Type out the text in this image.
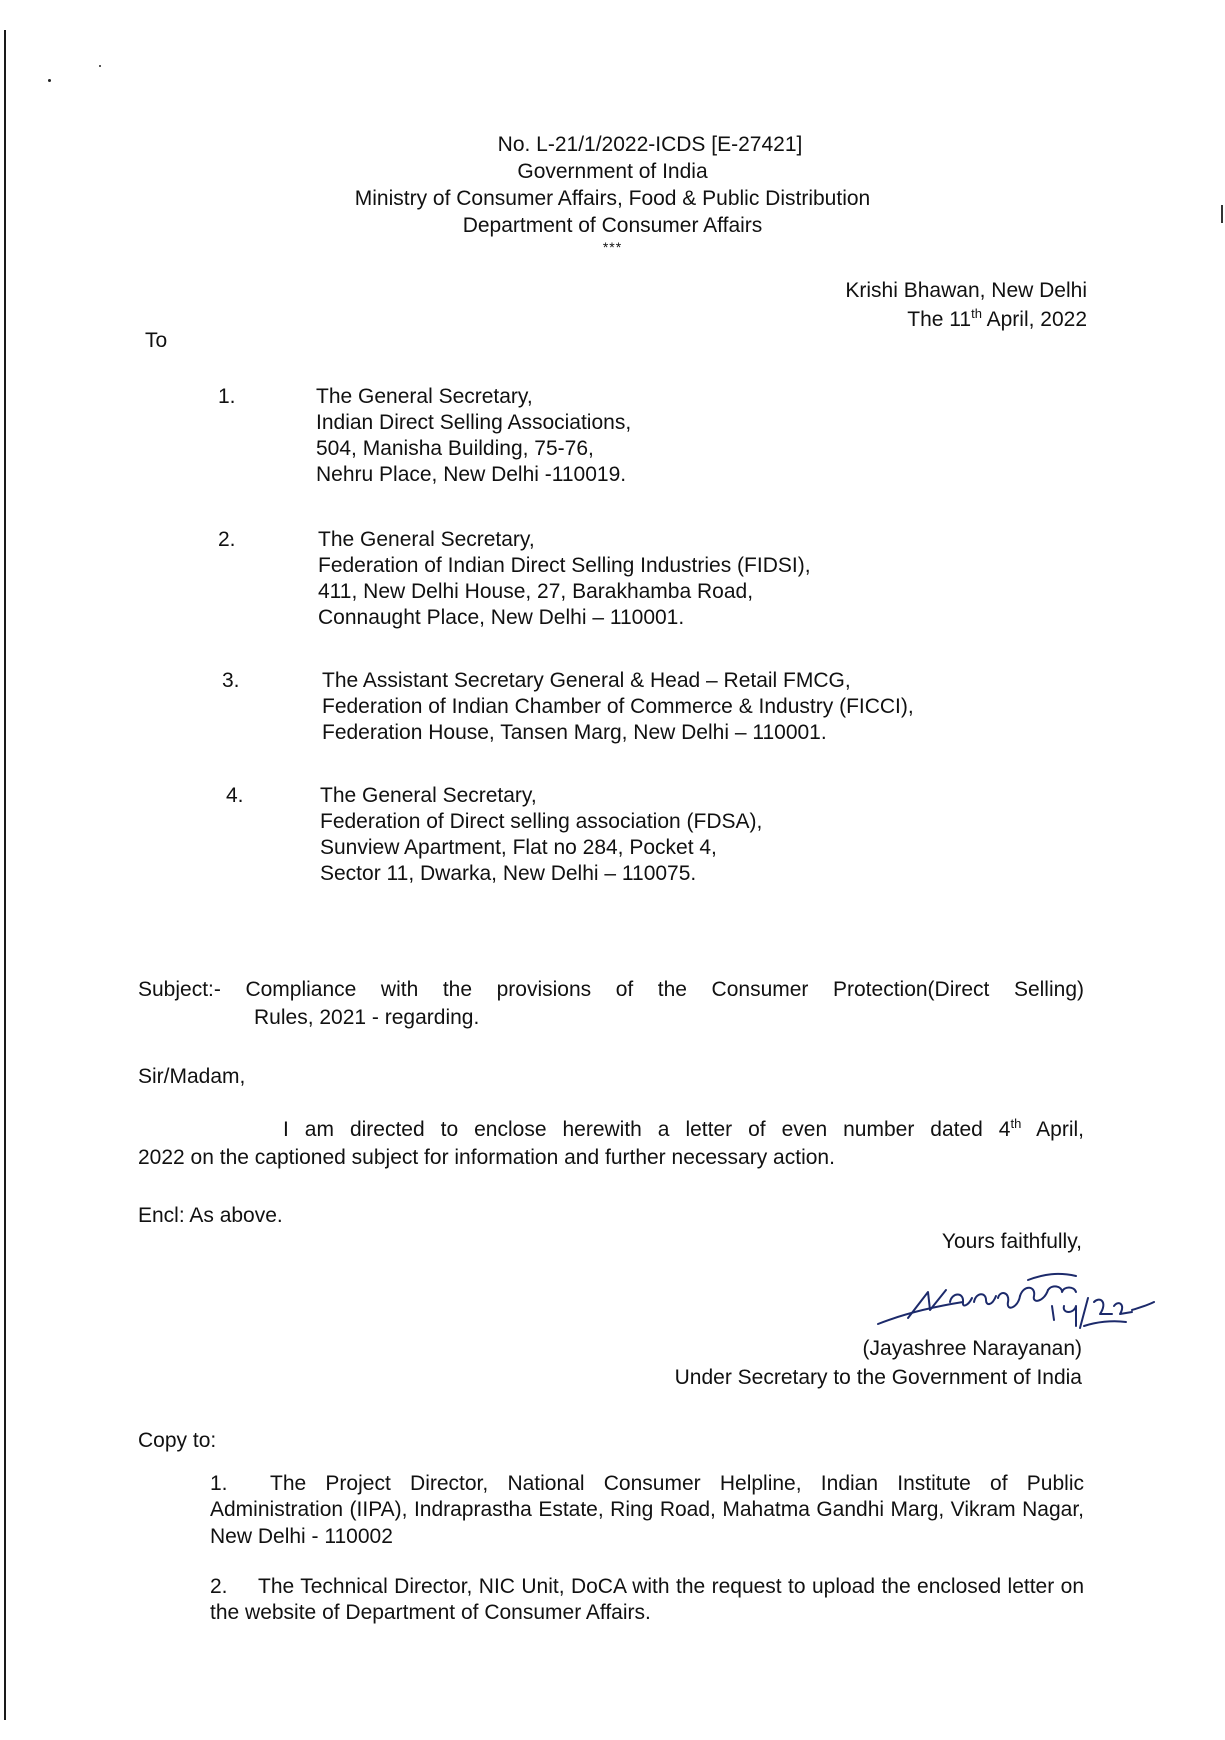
No. L-21/1/2022-ICDS [E-27421]
Government of India
Ministry of Consumer Affairs, Food & Public Distribution
Department of Consumer Affairs
***
Krishi Bhawan, New Delhi
The 11th April, 2022
To
1.	The General Secretary,
Indian Direct Selling Associations,
504, Manisha Building, 75-76,
Nehru Place, New Delhi -110019.
2.	The General Secretary,
Federation of Indian Direct Selling Industries (FIDSI),
411, New Delhi House, 27, Barakhamba Road,
Connaught Place, New Delhi – 110001.
3.	The Assistant Secretary General & Head – Retail FMCG,
Federation of Indian Chamber of Commerce & Industry (FICCI),
Federation House, Tansen Marg, New Delhi – 110001.
4.	The General Secretary,
Federation of Direct selling association (FDSA),
Sunview Apartment, Flat no 284, Pocket 4,
Sector 11, Dwarka, New Delhi – 110075.
Subject:- Compliance with the provisions of the Consumer Protection(Direct Selling)
Rules, 2021 - regarding.
Sir/Madam,
I am directed to enclose herewith a letter of even number dated 4th April,
2022 on the captioned subject for information and further necessary action.
Encl: As above.
Yours faithfully,
(Jayashree Narayanan)
Under Secretary to the Government of India
Copy to:
1. The Project Director, National Consumer Helpline, Indian Institute of Public Administration (IIPA), Indraprastha Estate, Ring Road, Mahatma Gandhi Marg, Vikram Nagar, New Delhi - 110002
2. The Technical Director, NIC Unit, DoCA with the request to upload the enclosed letter on the website of Department of Consumer Affairs.
